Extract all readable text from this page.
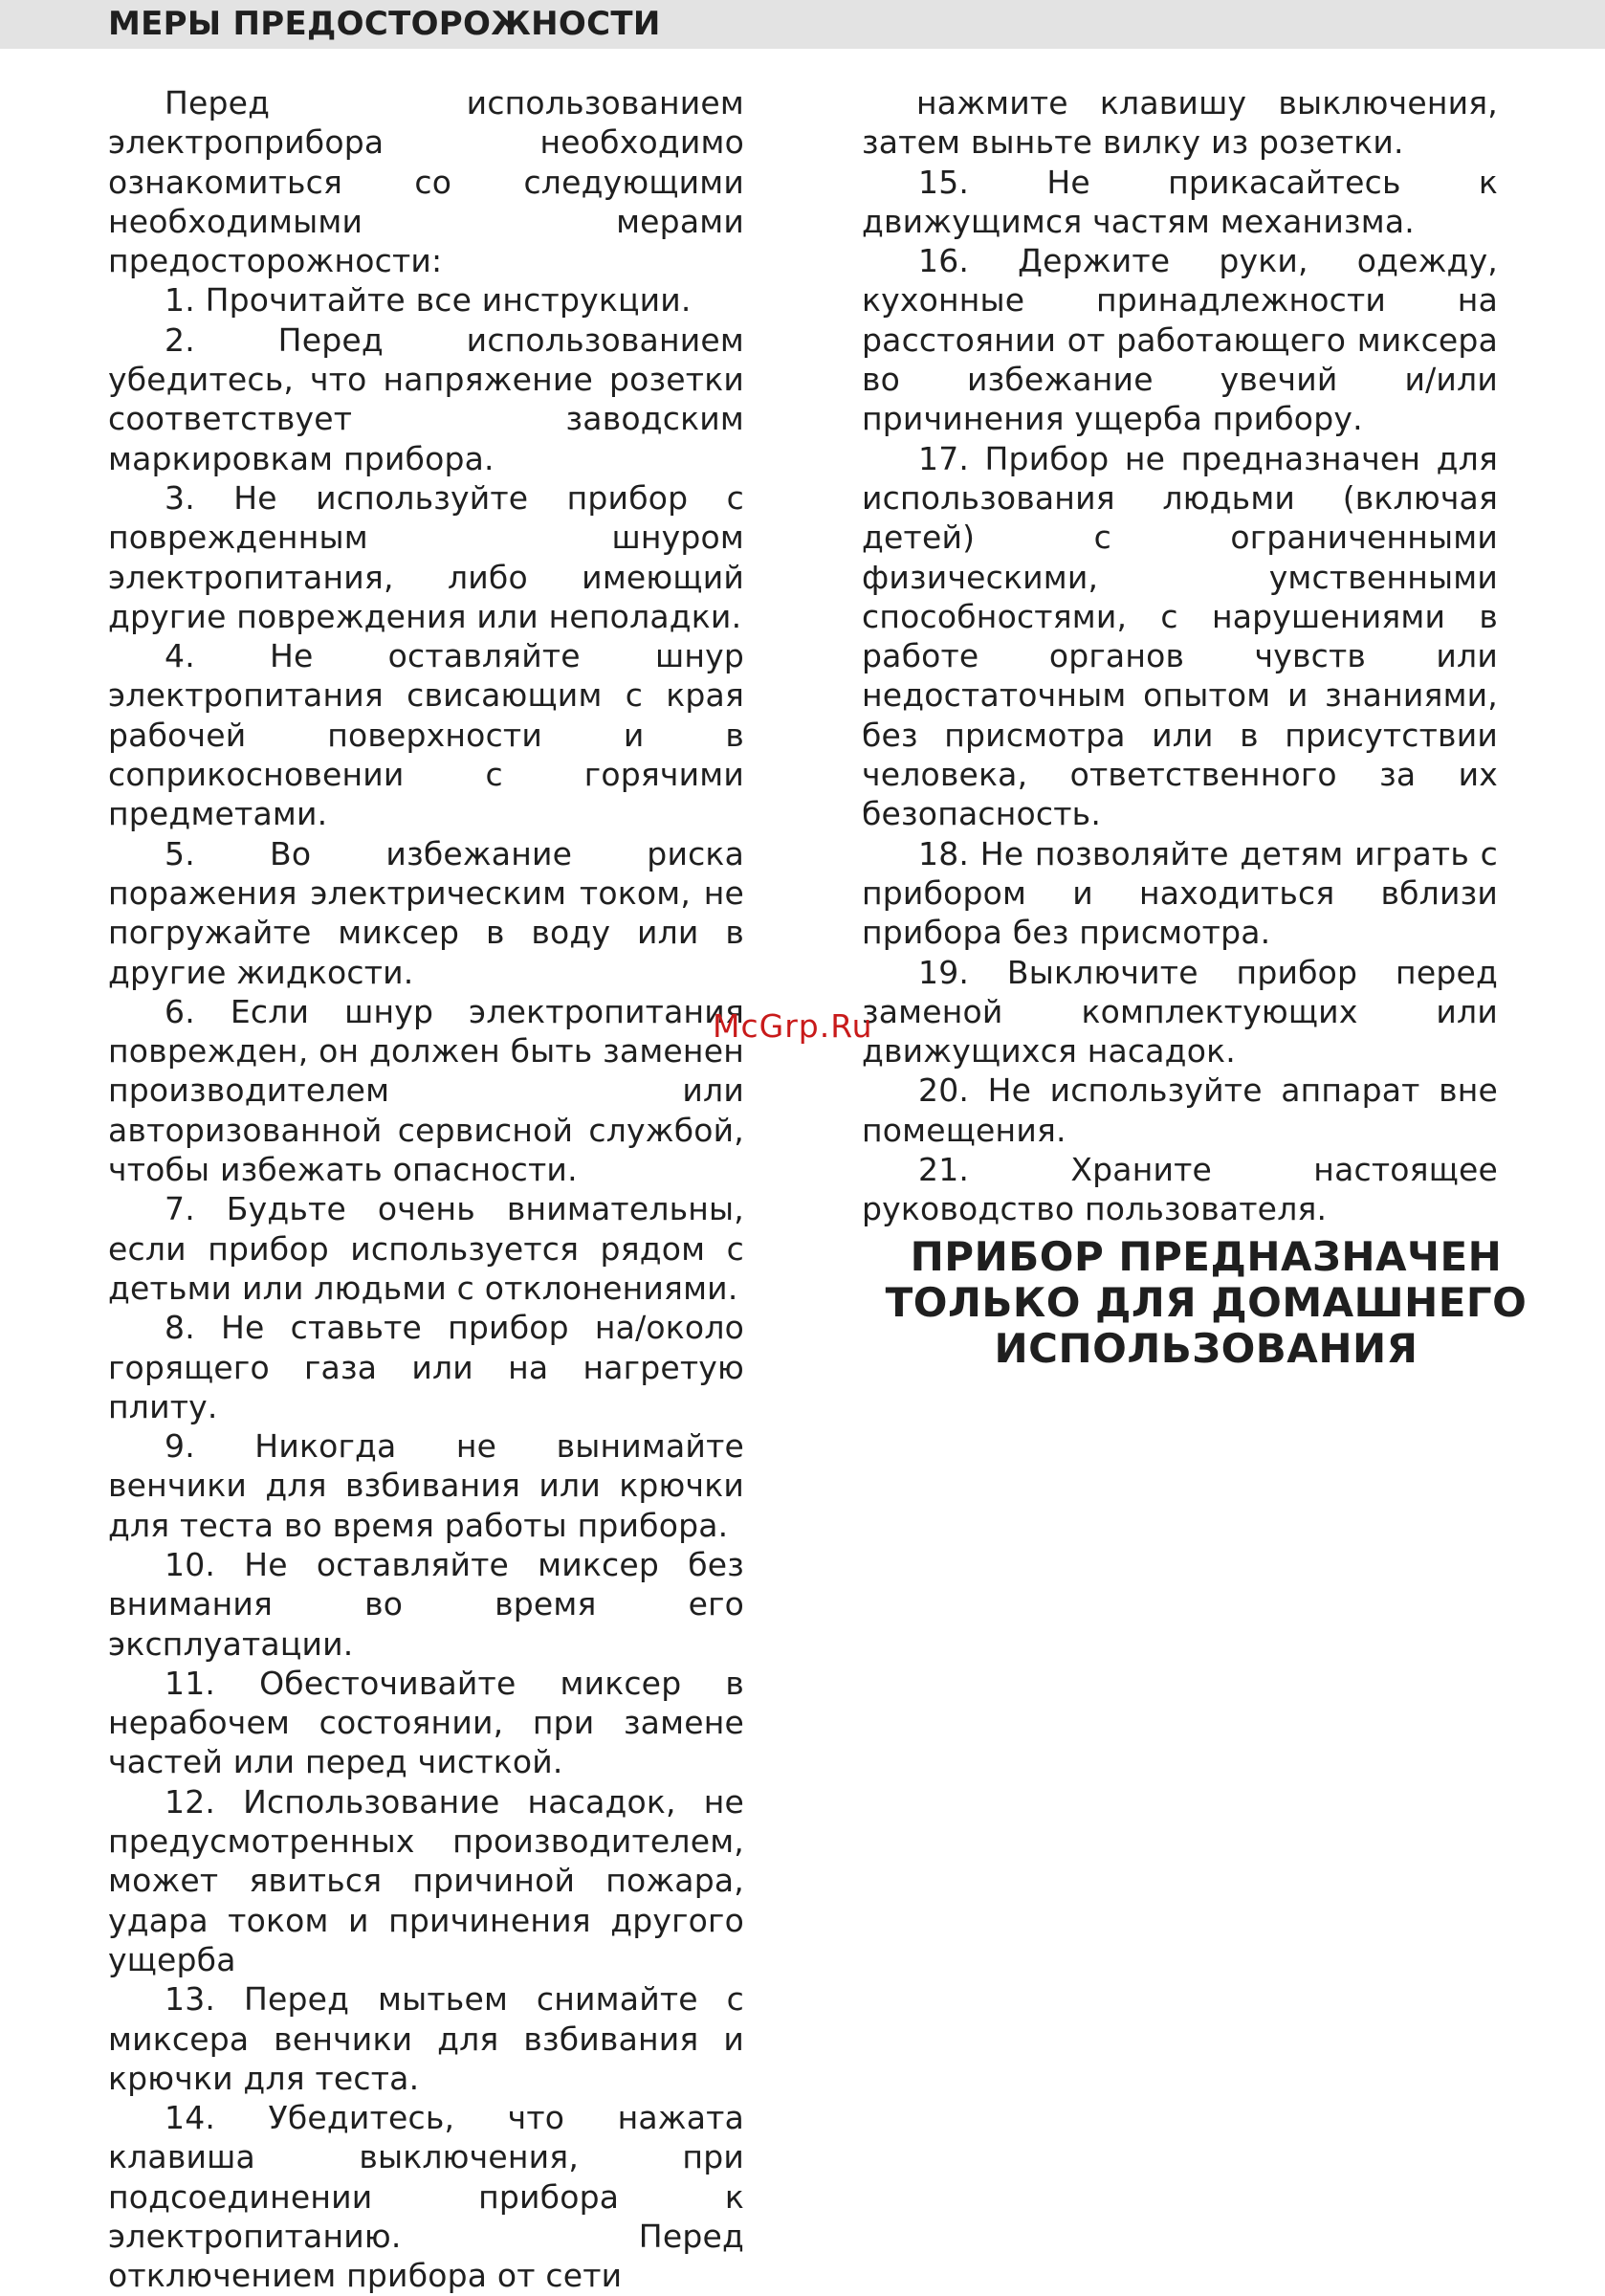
МЕРЫ ПРЕДОСТОРОЖНОСТИ

Перед использованием электроприбора необходимо ознакомиться со следующими необходимыми мерами предосторожности:

1. Прочитайте все инструкции.

2. Перед использованием убедитесь, что напряжение розетки соответствует заводским маркировкам прибора.

3. Не используйте прибор с поврежденным шнуром электропитания, либо имеющий другие повреждения или неполадки.

4. Не оставляйте шнур электропитания свисающим с края рабочей поверхности и в соприкосновении с горячими предметами.

5. Во избежание риска поражения электрическим током, не погружайте миксер в воду или в другие жидкости.

6. Если шнур электропитания поврежден, он должен быть заменен производителем или авторизованной сервисной службой, чтобы избежать опасности.

7. Будьте очень внимательны, если прибор используется рядом с детьми или людьми с отклонениями.

8. Не ставьте прибор на/около горящего газа или на нагретую плиту.

9. Никогда не вынимайте венчики для взбивания или крючки для теста во время работы прибора.

10. Не оставляйте миксер без внимания во время его эксплуатации.

11. Обесточивайте миксер в нерабочем состоянии, при замене частей или перед чисткой.

12. Использование насадок, не предусмотренных производителем, может явиться причиной пожара, удара током и причинения другого ущерба

13. Перед мытьем снимайте с миксера венчики для взбивания и крючки для теста.

14. Убедитесь, что нажата клавиша выключения, при подсоединении прибора к электропитанию. Перед отключением прибора от сети

нажмите клавишу выключения, затем выньте вилку из розетки.

15. Не прикасайтесь к движущимся частям механизма.

16. Держите руки, одежду, кухонные принадлежности на расстоянии от работающего миксера во избежание увечий и/или причинения ущерба прибору.

17. Прибор не предназначен для использования людьми (включая детей) с ограниченными физическими, умственными способностями, с нарушениями в работе органов чувств или недостаточным опытом и знаниями, без присмотра или в присутствии человека, ответственного за их безопасность.

18. Не позволяйте детям играть с прибором и находиться вблизи прибора без присмотра.

19. Выключите прибор перед заменой комплектующих или движущихся насадок.

20. Не используйте аппарат вне помещения.

21. Храните настоящее руководство пользователя.

ПРИБОР ПРЕДНАЗНАЧЕН
ТОЛЬКО ДЛЯ ДОМАШНЕГО
ИСПОЛЬЗОВАНИЯ
McGrp.Ru
